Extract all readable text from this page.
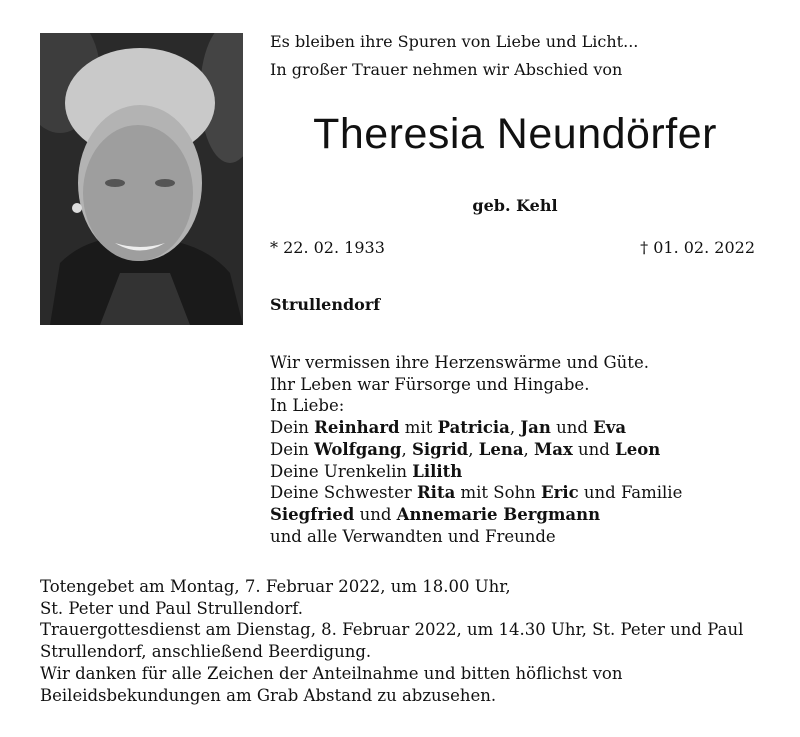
Es bleiben ihre Spuren von Liebe und Licht...
In großer Trauer nehmen wir Abschied von
Theresia Neundörfer
geb. Kehl
* 22. 02. 1933	† 01. 02. 2022
Strullendorf
Wir vermissen ihre Herzenswärme und Güte.
Ihr Leben war Fürsorge und Hingabe.
In Liebe:
Dein Reinhard mit Patricia, Jan und Eva
Dein Wolfgang, Sigrid, Lena, Max und Leon
Deine Urenkelin Lilith
Deine Schwester Rita mit Sohn Eric und Familie
Siegfried und Annemarie Bergmann
und alle Verwandten und Freunde
Totengebet am Montag, 7. Februar 2022, um 18.00 Uhr,
St. Peter und Paul Strullendorf.
Trauergottesdienst am Dienstag, 8. Februar 2022, um 14.30 Uhr, St. Peter und Paul
Strullendorf, anschließend Beerdigung.
Wir danken für alle Zeichen der Anteilnahme und bitten höflichst von
Beileidsbekundungen am Grab Abstand zu abzusehen.
